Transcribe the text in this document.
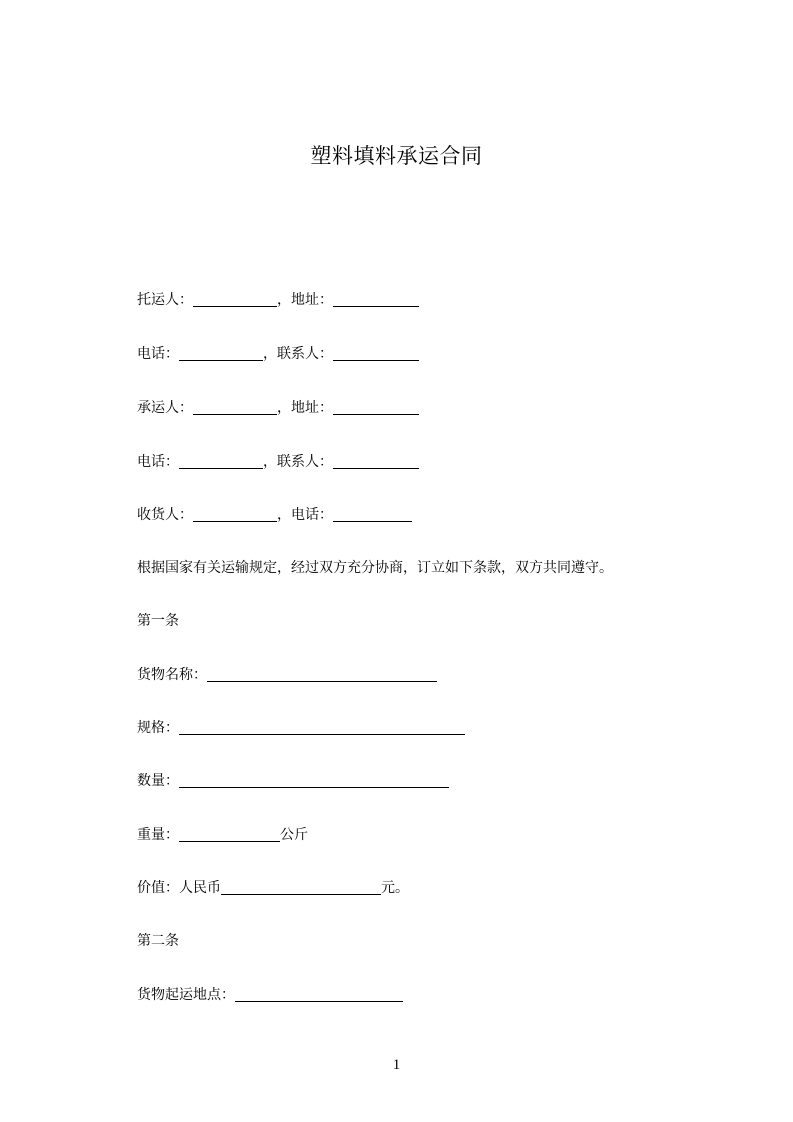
塑料填料承运合同
托运人：	，地址：
电话：	，联系人：
承运人：	，地址：
电话：	，联系人：
收货人：	，电话：
根据国家有关运输规定，经过双方充分协商，订立如下条款，双方共同遵守。
第一条
货物名称：
规格：
数量：
重量：	公斤
价值：人民币	元。
第二条
货物起运地点：
1
